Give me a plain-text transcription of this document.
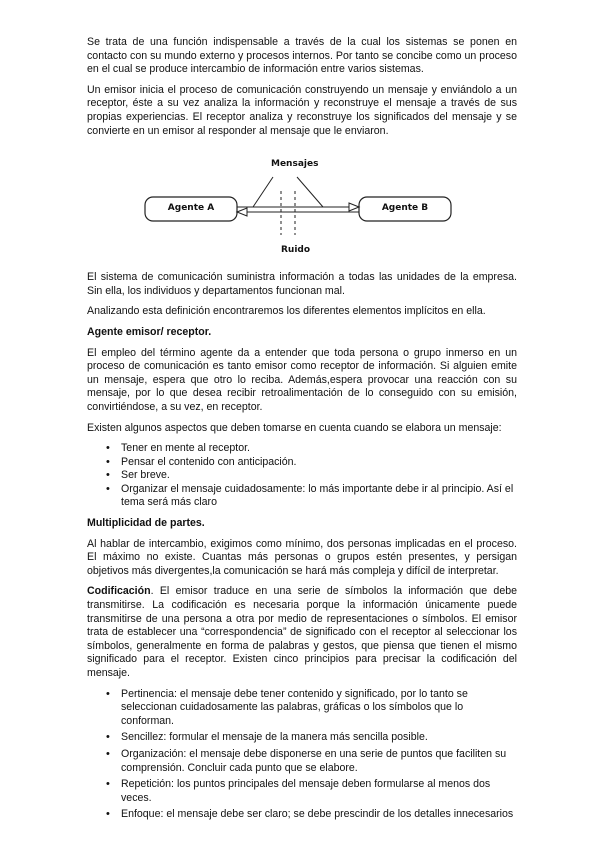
Se trata de una función indispensable a través de la cual los sistemas se ponen en contacto con su mundo externo y procesos internos. Por tanto se concibe como un proceso en el cual se produce intercambio de información entre varios sistemas.

Un emisor inicia el proceso de comunicación construyendo un mensaje y enviándolo a un receptor, éste a su vez analiza la información y reconstruye el mensaje a través de sus propias experiencias. El receptor analiza y reconstruye los significados del mensaje y se convierte en un emisor al responder al mensaje que le enviaron.

Mensajes
Ruido
Agente A	Agente B

El sistema de comunicación suministra información a todas las unidades de la empresa. Sin ella, los individuos y departamentos funcionan mal.

Analizando esta definición encontraremos los diferentes elementos implícitos en ella.

Agente emisor/ receptor.

El empleo del término agente da a entender que toda persona o grupo inmerso en un proceso de comunicación es tanto emisor como receptor de información. Si alguien emite un mensaje, espera que otro lo reciba. Además,espera provocar una reacción con su mensaje, por lo que desea recibir retroalimentación de lo conseguido con su emisión, convirtiéndose, a su vez, en receptor.

Existen algunos aspectos que deben tomarse en cuenta cuando se elabora un mensaje:

• Tener en mente al receptor.
• Pensar el contenido con anticipación.
• Ser breve.
• Organizar el mensaje cuidadosamente: lo más importante debe ir al principio. Así el tema será más claro

Multiplicidad de partes.

Al hablar de intercambio, exigimos como mínimo, dos personas implicadas en el proceso. El máximo no existe. Cuantas más personas o grupos estén presentes, y persigan objetivos más divergentes,la comunicación se hará más compleja y difícil de interpretar.

Codificación. El emisor traduce en una serie de símbolos la información que debe transmitirse. La codificación es necesaria porque la información únicamente puede transmitirse de una persona a otra por medio de representaciones o símbolos. El emisor trata de establecer una “correspondencia” de significado con el receptor al seleccionar los símbolos, generalmente en forma de palabras y gestos, que piensa que tienen el mismo significado para el receptor. Existen cinco principios para precisar la codificación del mensaje.

• Pertinencia: el mensaje debe tener contenido y significado, por lo tanto se seleccionan cuidadosamente las palabras, gráficas o los símbolos que lo conforman.
• Sencillez: formular el mensaje de la manera más sencilla posible.
• Organización: el mensaje debe disponerse en una serie de puntos que faciliten su comprensión. Concluir cada punto que se elabore.
• Repetición: los puntos principales del mensaje deben formularse al menos dos veces.
• Enfoque: el mensaje debe ser claro; se debe prescindir de los detalles innecesarios
